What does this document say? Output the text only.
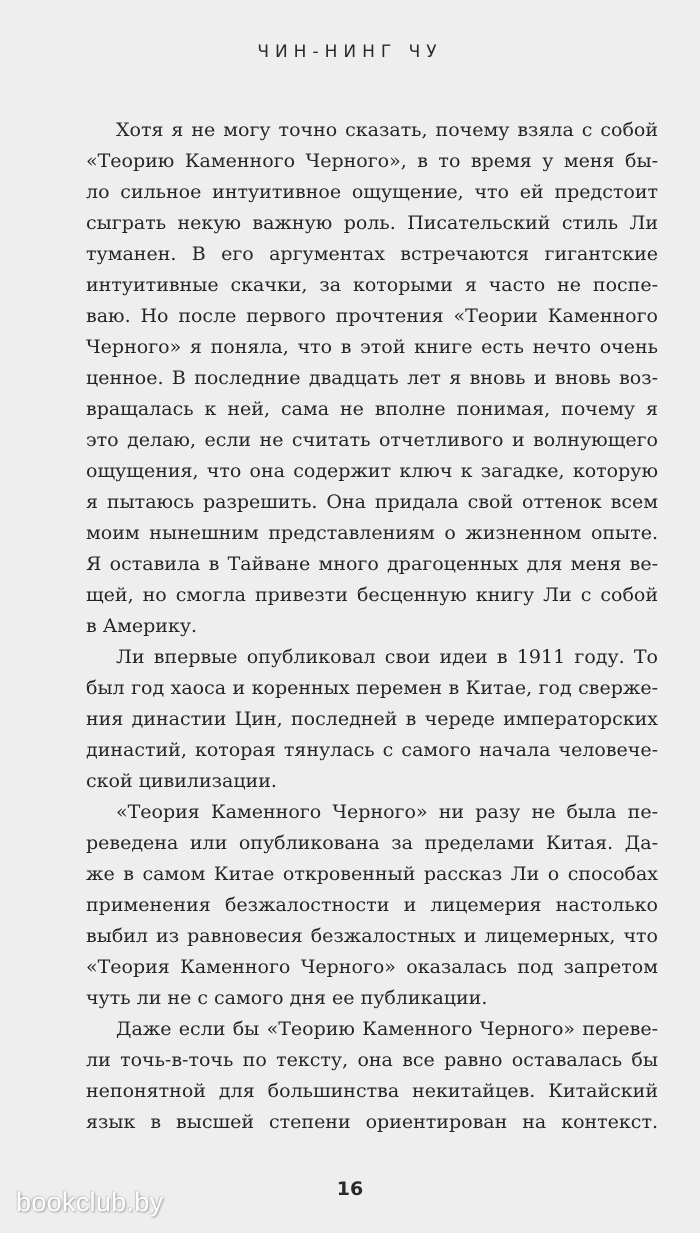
ЧИН-НИНГ ЧУ
Хотя я не могу точно сказать, почему взяла с собой
«Теорию Каменного Черного», в то время у меня бы-
ло сильное интуитивное ощущение, что ей предстоит
сыграть некую важную роль. Писательский стиль Ли
туманен. В его аргументах встречаются гигантские
интуитивные скачки, за которыми я часто не поспе-
ваю. Но после первого прочтения «Теории Каменного
Черного» я поняла, что в этой книге есть нечто очень
ценное. В последние двадцать лет я вновь и вновь воз-
вращалась к ней, сама не вполне понимая, почему я
это делаю, если не считать отчетливого и волнующего
ощущения, что она содержит ключ к загадке, которую
я пытаюсь разрешить. Она придала свой оттенок всем
моим нынешним представлениям о жизненном опыте.
Я оставила в Тайване много драгоценных для меня ве-
щей, но смогла привезти бесценную книгу Ли с собой
в Америку.
Ли впервые опубликовал свои идеи в 1911 году. То
был год хаоса и коренных перемен в Китае, год сверже-
ния династии Цин, последней в череде императорских
династий, которая тянулась с самого начала человече-
ской цивилизации.
«Теория Каменного Черного» ни разу не была пе-
реведена или опубликована за пределами Китая. Да-
же в самом Китае откровенный рассказ Ли о способах
применения безжалостности и лицемерия настолько
выбил из равновесия безжалостных и лицемерных, что
«Теория Каменного Черного» оказалась под запретом
чуть ли не с самого дня ее публикации.
Даже если бы «Теорию Каменного Черного» переве-
ли точь-в-точь по тексту, она все равно оставалась бы
непонятной для большинства некитайцев. Китайский
язык в высшей степени ориентирован на контекст.
16
bookclub.by
